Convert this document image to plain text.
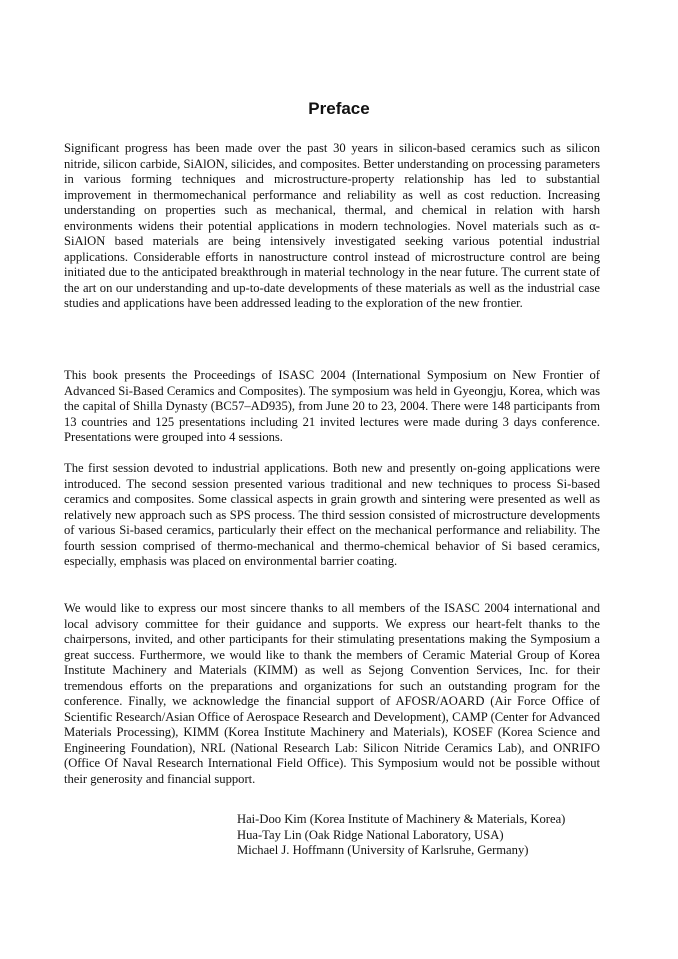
Preface

Significant progress has been made over the past 30 years in silicon-based ceramics such as silicon nitride, silicon carbide, SiAlON, silicides, and composites. Better understanding on processing parameters in various forming techniques and microstructure-property relationship has led to substantial improvement in thermomechanical performance and reliability as well as cost reduction. Increasing understanding on properties such as mechanical, thermal, and chemical in relation with harsh environments widens their potential applications in modern technologies. Novel materials such as α-SiAlON based materials are being intensively investigated seeking various potential industrial applications. Considerable efforts in nanostructure control instead of microstructure control are being initiated due to the anticipated breakthrough in material technology in the near future. The current state of the art on our understanding and up-to-date developments of these materials as well as the industrial case studies and applications have been addressed leading to the exploration of the new frontier.

This book presents the Proceedings of ISASC 2004 (International Symposium on New Frontier of Advanced Si-Based Ceramics and Composites). The symposium was held in Gyeongju, Korea, which was the capital of Shilla Dynasty (BC57–AD935), from June 20 to 23, 2004. There were 148 participants from 13 countries and 125 presentations including 21 invited lectures were made during 3 days conference. Presentations were grouped into 4 sessions.

The first session devoted to industrial applications. Both new and presently on-going applications were introduced. The second session presented various traditional and new techniques to process Si-based ceramics and composites. Some classical aspects in grain growth and sintering were presented as well as relatively new approach such as SPS process. The third session consisted of microstructure developments of various Si-based ceramics, particularly their effect on the mechanical performance and reliability. The fourth session comprised of thermo-mechanical and thermo-chemical behavior of Si based ceramics, especially, emphasis was placed on environmental barrier coating.

We would like to express our most sincere thanks to all members of the ISASC 2004 international and local advisory committee for their guidance and supports. We express our heart-felt thanks to the chairpersons, invited, and other participants for their stimulating presentations making the Symposium a great success. Furthermore, we would like to thank the members of Ceramic Material Group of Korea Institute Machinery and Materials (KIMM) as well as Sejong Convention Services, Inc. for their tremendous efforts on the preparations and organizations for such an outstanding program for the conference. Finally, we acknowledge the financial support of AFOSR/AOARD (Air Force Office of Scientific Research/Asian Office of Aerospace Research and Development), CAMP (Center for Advanced Materials Processing), KIMM (Korea Institute Machinery and Materials), KOSEF (Korea Science and Engineering Foundation), NRL (National Research Lab: Silicon Nitride Ceramics Lab), and ONRIFO (Office Of Naval Research International Field Office). This Symposium would not be possible without their generosity and financial support.

Hai-Doo Kim (Korea Institute of Machinery & Materials, Korea)
Hua-Tay Lin (Oak Ridge National Laboratory, USA)
Michael J. Hoffmann (University of Karlsruhe, Germany)
